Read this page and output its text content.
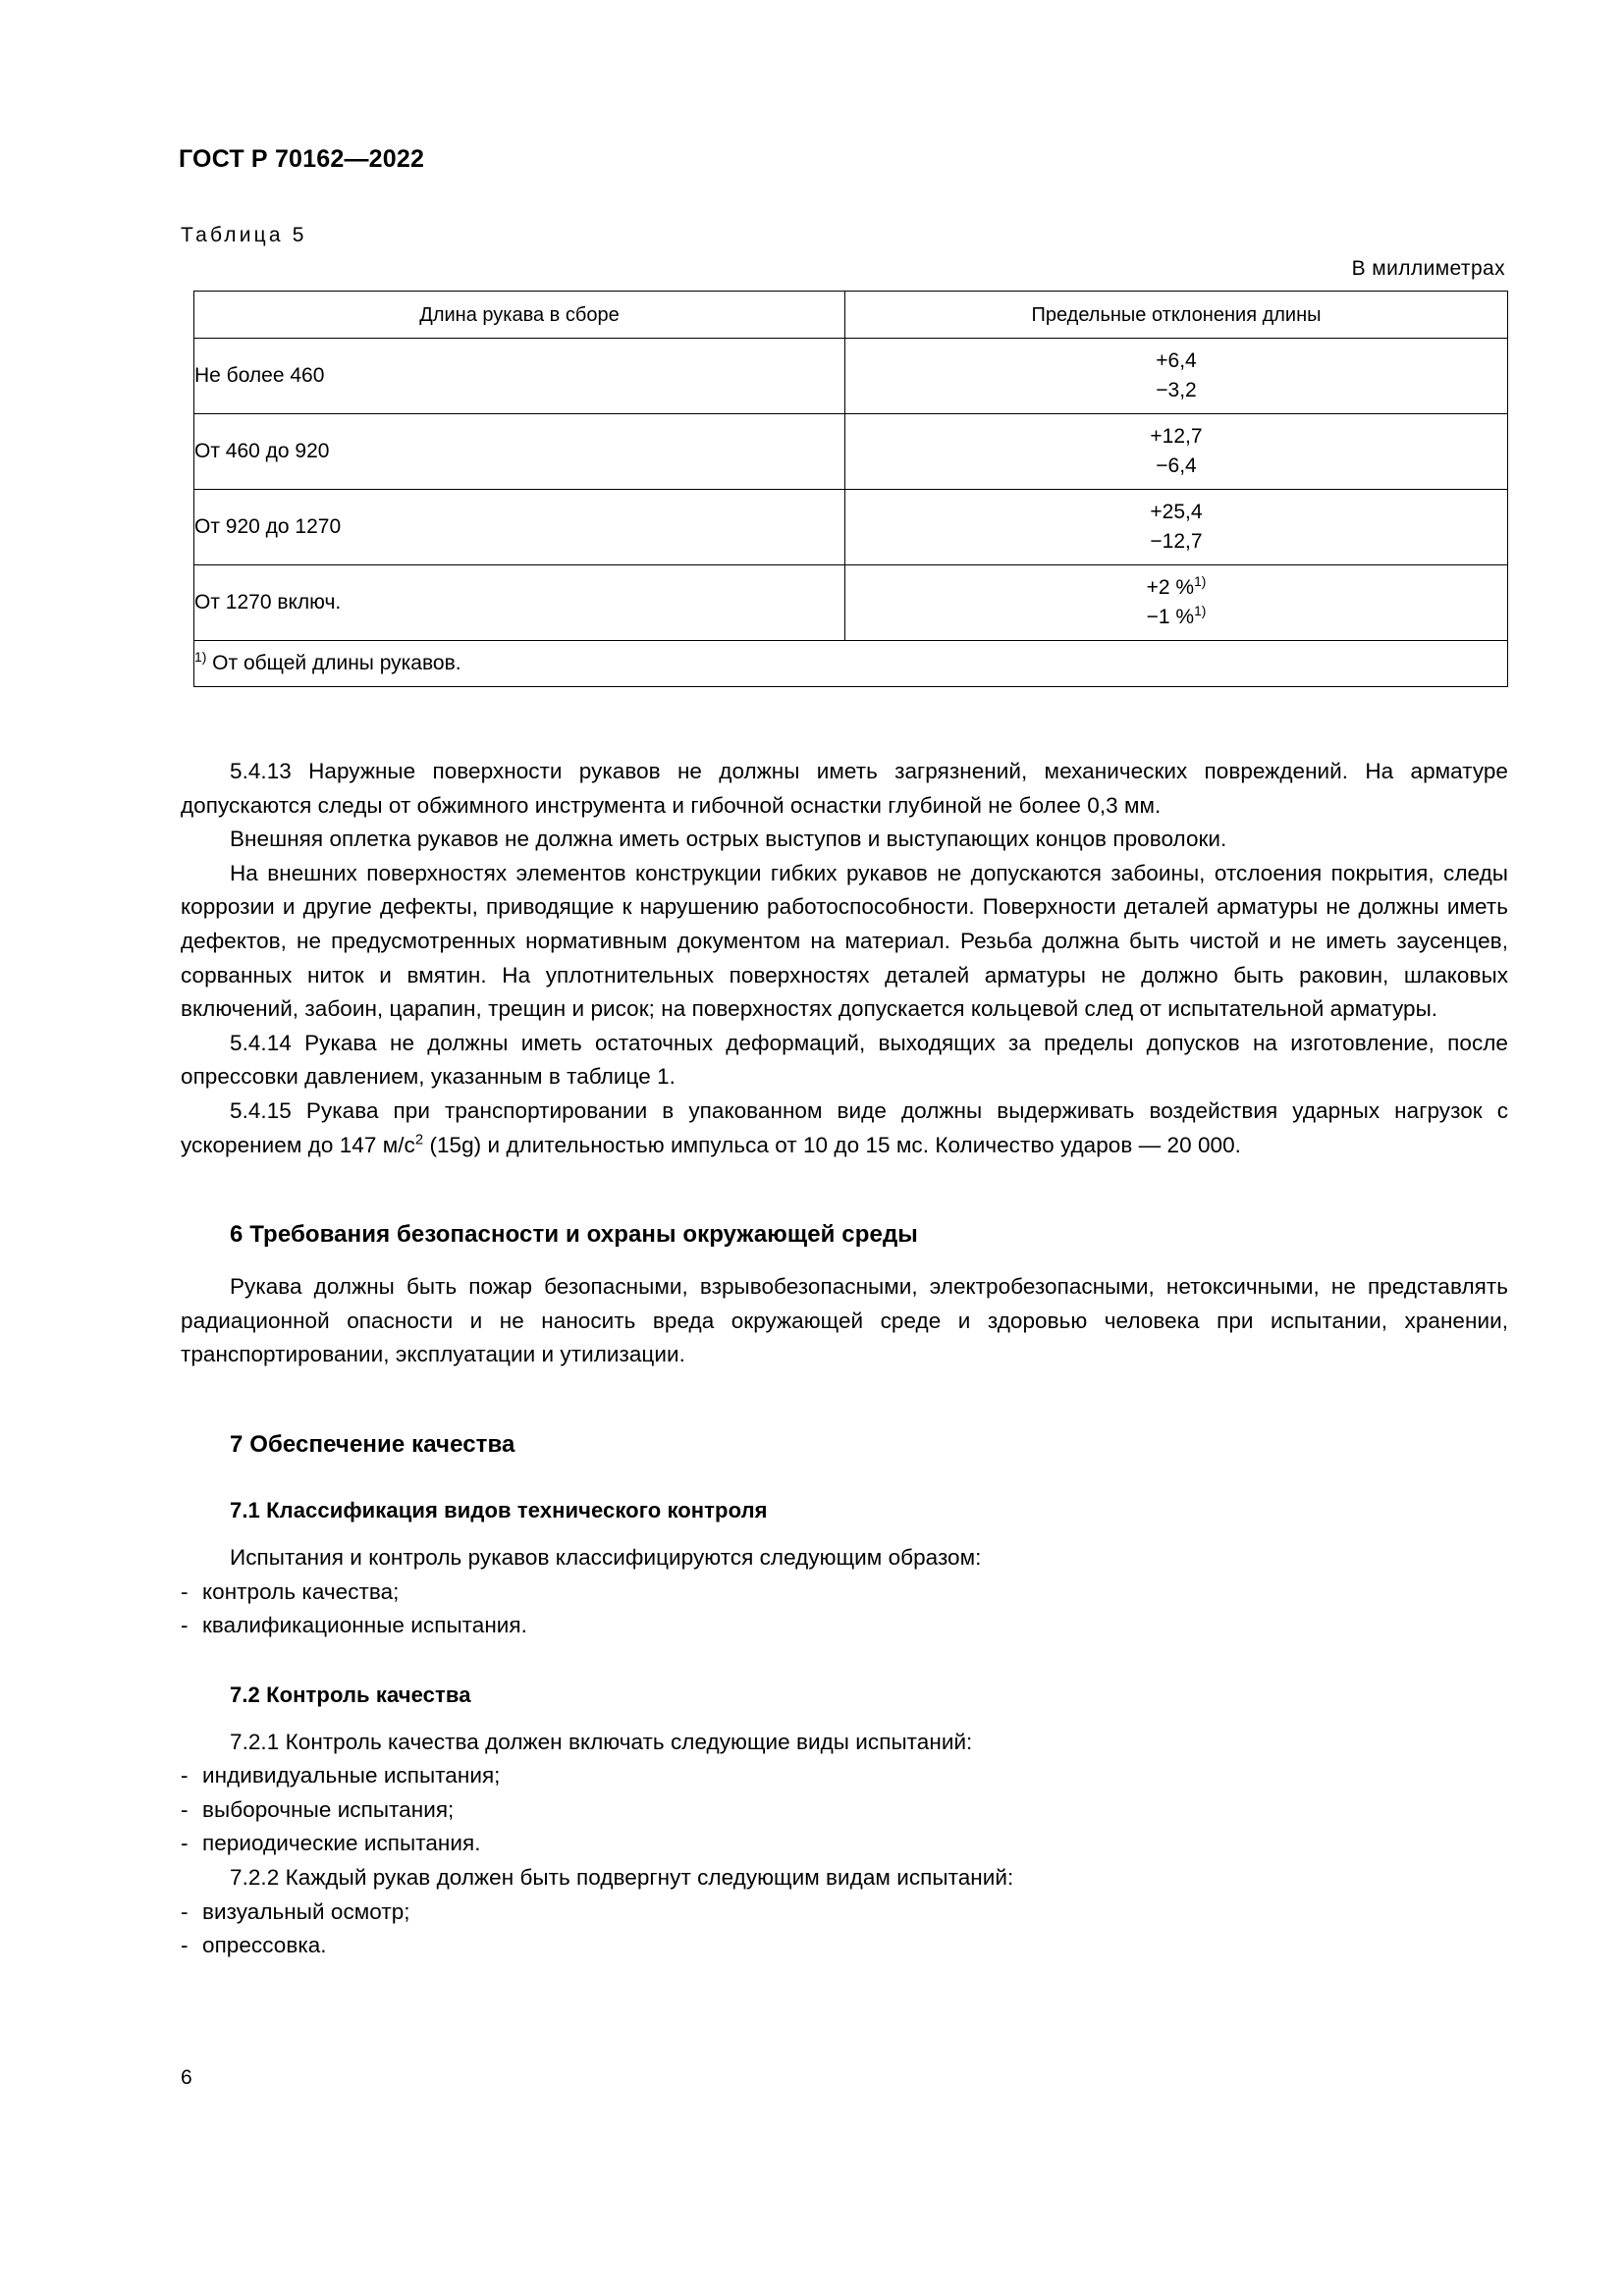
ГОСТ Р 70162—2022
Таблица 5
В миллиметрах
Длина рукава в сборе	Предельные отклонения длины
Не более 460	+6,4
−3,2

От 460 до 920	+12,7
−6,4

От 920 до 1270	+25,4
−12,7

От 1270 включ.	+2 %$^{1)}$
−1 %$^{1)}$

$^{1)}$ От общей длины рукавов.	

5.4.13 Наружные поверхности рукавов не должны иметь загрязнений, механических повреждений. На арматуре допускаются следы от обжимного инструмента и гибочной оснастки глубиной не более 0,3 мм.

Внешняя оплетка рукавов не должна иметь острых выступов и выступающих концов проволоки.

На внешних поверхностях элементов конструкции гибких рукавов не допускаются забоины, отслоения покрытия, следы коррозии и другие дефекты, приводящие к нарушению работоспособности. Поверхности деталей арматуры не должны иметь дефектов, не предусмотренных нормативным документом на материал. Резьба должна быть чистой и не иметь заусенцев, сорванных ниток и вмятин. На уплотнительных поверхностях деталей арматуры не должно быть раковин, шлаковых включений, забоин, царапин, трещин и рисок; на поверхностях допускается кольцевой след от испытательной арматуры.

5.4.14 Рукава не должны иметь остаточных деформаций, выходящих за пределы допусков на изготовление, после опрессовки давлением, указанным в таблице 1.

5.4.15 Рукава при транспортировании в упакованном виде должны выдерживать воздействия ударных нагрузок с ускорением до 147 $м/с^2$ (15g) и длительностью импульса от 10 до 15 мс. Количество ударов — 20 000.

6 Требования безопасности и охраны окружающей среды

Рукава должны быть пожар безопасными, взрывобезопасными, электробезопасными, нетоксичными, не представлять радиационной опасности и не наносить вреда окружающей среде и здоровью человека при испытании, хранении, транспортировании, эксплуатации и утилизации.

7 Обеспечение качества
7.1 Классификация видов технического контроля

Испытания и контроль рукавов классифицируются следующим образом:

- контроль качества;

- квалификационные испытания.

7.2 Контроль качества

7.2.1 Контроль качества должен включать следующие виды испытаний:

- индивидуальные испытания;

- выборочные испытания;

- периодические испытания.

7.2.2 Каждый рукав должен быть подвергнут следующим видам испытаний:

- визуальный осмотр;

- опрессовка.

6
